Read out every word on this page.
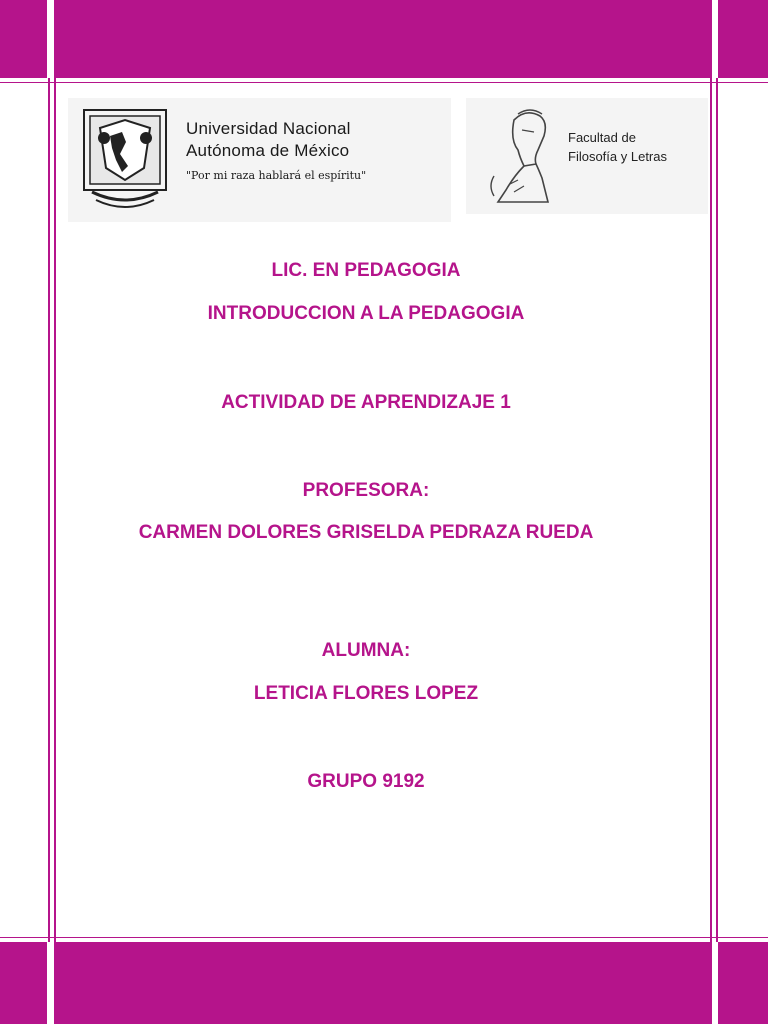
Universidad Nacional
Autónoma de México
"Por mi raza hablará el espíritu"
Facultad de
Filosofía y Letras
LIC. EN PEDAGOGIA
INTRODUCCION A LA PEDAGOGIA
ACTIVIDAD DE APRENDIZAJE 1
PROFESORA:
CARMEN DOLORES GRISELDA PEDRAZA RUEDA
ALUMNA:
LETICIA FLORES LOPEZ
GRUPO 9192
